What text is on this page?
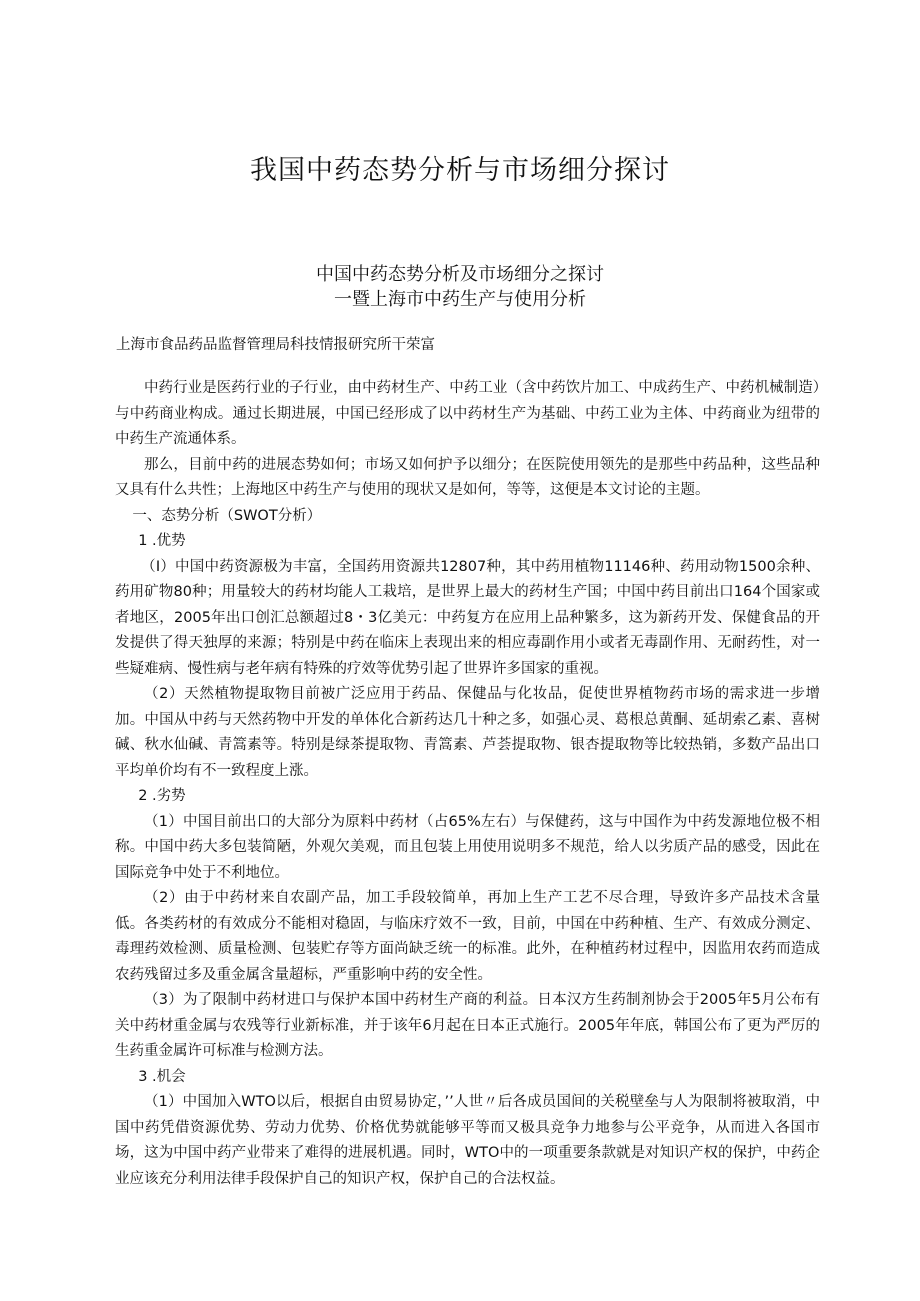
我国中药态势分析与市场细分探讨
中国中药态势分析及市场细分之探讨
一暨上海市中药生产与使用分析
上海市食品药品监督管理局科技情报研究所干荣富

中药行业是医药行业的子行业，由中药材生产、中药工业（含中药饮片加工、中成药生产、中药机械制造）与中药商业构成。通过长期进展，中国已经形成了以中药材生产为基础、中药工业为主体、中药商业为纽带的中药生产流通体系。

那么，目前中药的进展态势如何；市场又如何护予以细分；在医院使用领先的是那些中药品种，这些品种又具有什么共性；上海地区中药生产与使用的现状又是如何，等等，这便是本文讨论的主题。

一、态势分析（SWOT分析）

1 .优势

（I）中国中药资源极为丰富，全国药用资源共12807种，其中药用植物11146种、药用动物1500余种、药用矿物80种；用量较大的药材均能人工栽培，是世界上最大的药材生产国；中国中药目前出口164个国家或者地区，2005年出口创汇总额超过8・3亿美元：中药复方在应用上品种繁多，这为新药开发、保健食品的开发提供了得天独厚的来源；特别是中药在临床上表现出来的相应毒副作用小或者无毒副作用、无耐药性，对一些疑难病、慢性病与老年病有特殊的疗效等优势引起了世界许多国家的重视。

（2）天然植物提取物目前被广泛应用于药品、保健品与化妆品，促使世界植物药市场的需求进一步增加。中国从中药与天然药物中开发的单体化合新药达几十种之多，如强心灵、葛根总黄酮、延胡索乙素、喜树碱、秋水仙碱、青篙素等。特别是绿茶提取物、青篙素、芦荟提取物、银杏提取物等比较热销，多数产品出口平均单价均有不一致程度上涨。

2 .劣势

（1）中国目前出口的大部分为原料中药材（占65%左右）与保健药，这与中国作为中药发源地位极不相称。中国中药大多包装简陋，外观欠美观，而且包装上用使用说明多不规范，给人以劣质产品的感受，因此在国际竞争中处于不利地位。

（2）由于中药材来自农副产品，加工手段较简单，再加上生产工艺不尽合理，导致许多产品技术含量低。各类药材的有效成分不能相对稳固，与临床疗效不一致，目前，中国在中药种植、生产、有效成分测定、毒理药效检测、质量检测、包装贮存等方面尚缺乏统一的标准。此外，在种植药材过程中，因监用农药而造成农药残留过多及重金属含量超标，严重影响中药的安全性。

（3）为了限制中药材进口与保护本国中药材生产商的利益。日本汉方生药制剂协会于2005年5月公布有关中药材重金属与农残等行业新标准，并于该年6月起在日本正式施行。2005年年底，韩国公布了更为严厉的生药重金属许可标准与检测方法。

3 .机会

（1）中国加入WTO以后，根据自由贸易协定，’’人世〃后各成员国间的关税壁垒与人为限制将被取消，中国中药凭借资源优势、劳动力优势、价格优势就能够平等而又极具竞争力地参与公平竞争，从而进入各国市场，这为中国中药产业带来了难得的进展机遇。同时，WTO中的一项重要条款就是对知识产权的保护，中药企业应该充分利用法律手段保护自己的知识产权，保护自己的合法权益。
